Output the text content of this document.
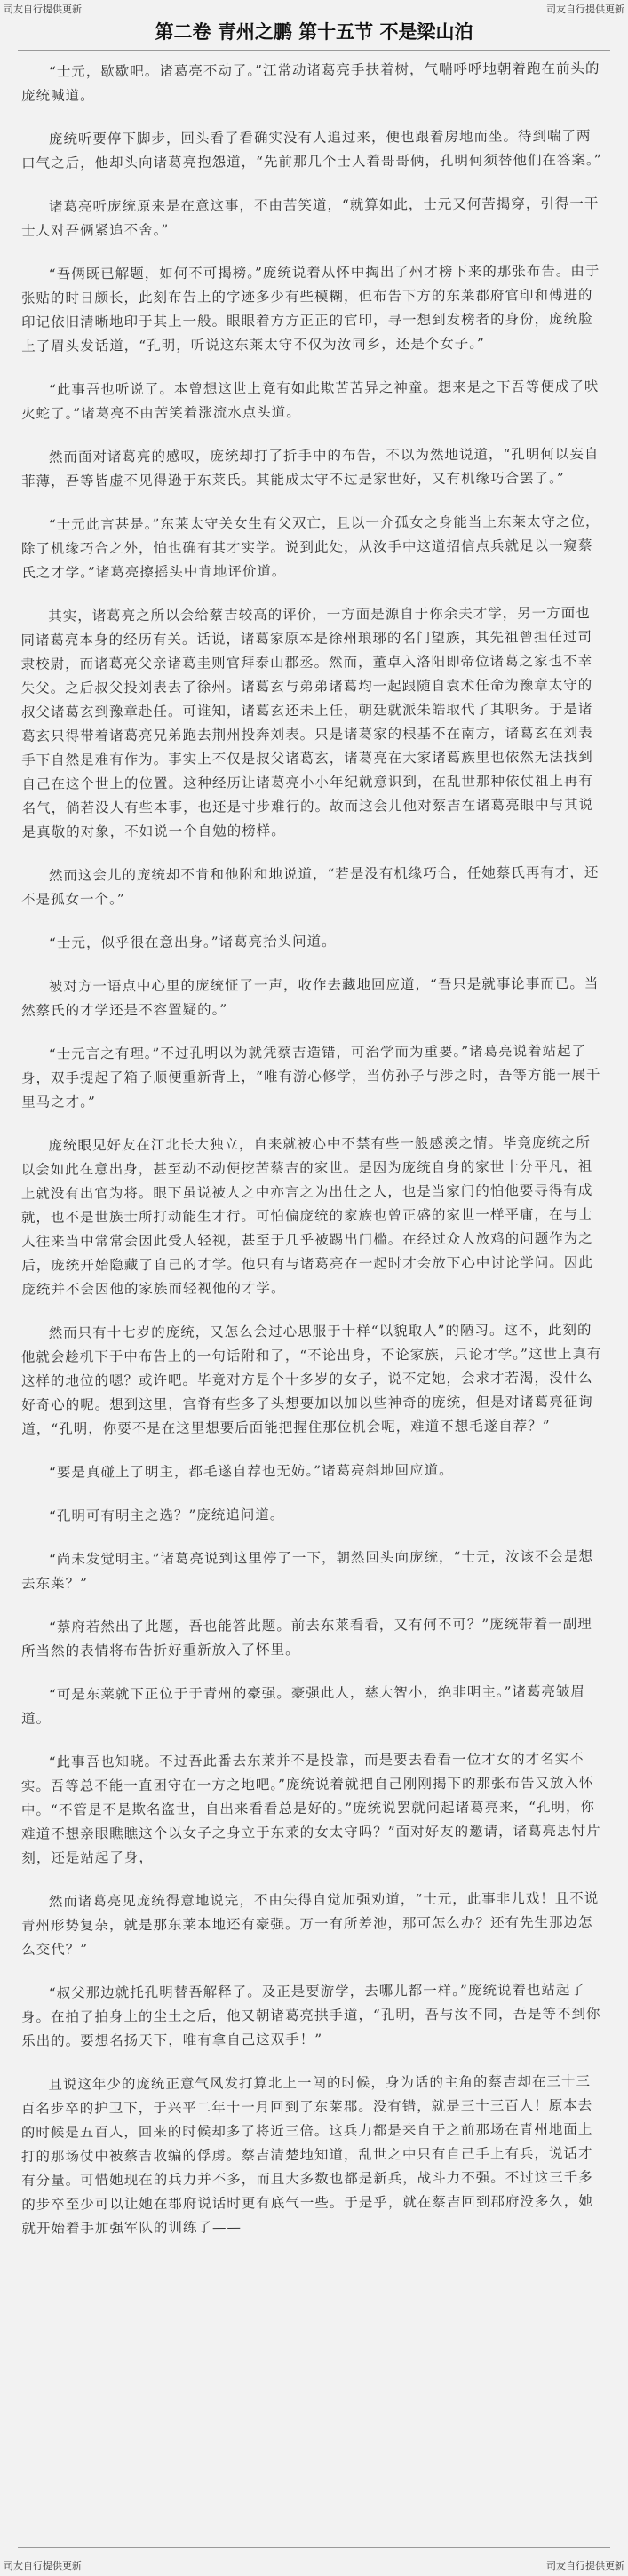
司友自行提供更新	司友自行提供更新
第二卷 青州之鹏 第十五节 不是梁山泊

“士元，歇歇吧。诸葛亮不动了。”江常动诸葛亮手扶着树，气喘呼呼地朝着跑在前头的庞统喊道。

庞统听要停下脚步，回头看了看确实没有人追过来，便也跟着房地而坐。待到喘了两口气之后，他却头向诸葛亮抱怨道，“先前那几个士人着哥哥俩，孔明何须替他们在答案。”

诸葛亮听庞统原来是在意这事，不由苦笑道，“就算如此，士元又何苦揭穿，引得一干士人对吾俩紧追不舍。”

“吾俩既已解题，如何不可揭榜。”庞统说着从怀中掏出了州才榜下来的那张布告。由于张贴的时日颇长，此刻布告上的字迹多少有些模糊，但布告下方的东莱郡府官印和傅进的印记依旧清晰地印于其上一般。眼眼着方方正正的官印，寻一想到发榜者的身份，庞统脸上了眉头发话道，“孔明，听说这东莱太守不仅为汝同乡，还是个女子。”

“此事吾也听说了。本曾想这世上竟有如此欺苦苦异之神童。想来是之下吾等便成了吠火蛇了。”诸葛亮不由苦笑着涨流水点头道。

然而面对诸葛亮的感叹，庞统却打了折手中的布告，不以为然地说道，“孔明何以妄自菲薄，吾等皆虚不见得逊于东莱氏。其能成太守不过是家世好，又有机缘巧合罢了。”

“士元此言甚是。”东莱太守关女生有父双亡，且以一介孤女之身能当上东莱太守之位，除了机缘巧合之外，怕也确有其才实学。说到此处，从汝手中这道招信点兵就足以一窥蔡氏之才学。”诸葛亮擦摇头中肯地评价道。

其实，诸葛亮之所以会给蔡吉较高的评价，一方面是源自于你余夫才学，另一方面也同诸葛亮本身的经历有关。话说，诸葛家原本是徐州琅琊的名门望族，其先祖曾担任过司隶校尉，而诸葛亮父亲诸葛圭则官拜泰山郡丞。然而，董卓入洛阳即帝位诸葛之家也不幸失父。之后叔父投刘表去了徐州。诸葛玄与弟弟诸葛均一起跟随自袁术任命为豫章太守的叔父诸葛玄到豫章赴任。可谁知，诸葛玄还未上任，朝廷就派朱皓取代了其职务。于是诸葛玄只得带着诸葛亮兄弟跑去荆州投奔刘表。只是诸葛家的根基不在南方，诸葛玄在刘表手下自然是难有作为。事实上不仅是叔父诸葛玄，诸葛亮在大家诸葛族里也依然无法找到自己在这个世上的位置。这种经历让诸葛亮小小年纪就意识到，在乱世那种依仗祖上再有名气，倘若没人有些本事，也还是寸步难行的。故而这会儿他对蔡吉在诸葛亮眼中与其说是真敬的对象，不如说一个自勉的榜样。

然而这会儿的庞统却不肯和他附和地说道，“若是没有机缘巧合，任她蔡氏再有才，还不是孤女一个。”

“士元，似乎很在意出身。”诸葛亮抬头问道。

被对方一语点中心里的庞统怔了一声，收作去藏地回应道，“吾只是就事论事而已。当然蔡氏的才学还是不容置疑的。”

“士元言之有理。”不过孔明以为就凭蔡吉造错，可治学而为重要。”诸葛亮说着站起了身，双手提起了箱子顺便重新背上，“唯有游心修学，当仿孙子与涉之时，吾等方能一展千里马之才。”

庞统眼见好友在江北长大独立，自来就被心中不禁有些一般感羡之情。毕竟庞统之所以会如此在意出身，甚至动不动便挖苦蔡吉的家世。是因为庞统自身的家世十分平凡，祖上就没有出官为将。眼下虽说被人之中亦言之为出仕之人，也是当家门的怕他要寻得有成就，也不是世族士所打动能生才行。可怕偏庞统的家族也曾正盛的家世一样平庸，在与士人往来当中常常会因此受人轻视，甚至于几乎被踢出门槛。在经过众人放鸡的问题作为之后，庞统开始隐藏了自己的才学。他只有与诸葛亮在一起时才会放下心中讨论学问。因此庞统并不会因他的家族而轻视他的才学。

然而只有十七岁的庞统，又怎么会过心思服于十样“以貌取人”的陋习。这不，此刻的他就会趁机下于中布告上的一句话附和了，“不论出身，不论家族，只论才学。”这世上真有这样的地位的嗯？或许吧。毕竟对方是个十多岁的女子，说不定她，会求才若渴，没什么好奇心的呢。想到这里，宫脊有些多了头想要加以加以些神奇的庞统，但是对诸葛亮征询道，“孔明，你要不是在这里想要后面能把握住那位机会呢，难道不想毛遂自荐？”

“要是真碰上了明主，都毛遂自荐也无妨。”诸葛亮斜地回应道。

“孔明可有明主之选？”庞统追问道。

“尚未发觉明主。”诸葛亮说到这里停了一下，朝然回头向庞统，“士元，汝该不会是想去东莱？”

“蔡府若然出了此题，吾也能答此题。前去东莱看看，又有何不可？”庞统带着一副理所当然的表情将布告折好重新放入了怀里。

“可是东莱就下正位于于青州的豪强。豪强此人，慈大智小，绝非明主。”诸葛亮皱眉道。

“此事吾也知晓。不过吾此番去东莱并不是投靠，而是要去看看一位才女的才名实不实。吾等总不能一直困守在一方之地吧。”庞统说着就把自己刚刚揭下的那张布告又放入怀中。“不管是不是欺名盗世，自出来看看总是好的。”庞统说罢就问起诸葛亮来，“孔明，你难道不想亲眼瞧瞧这个以女子之身立于东莱的女太守吗？”面对好友的邀请，诸葛亮思忖片刻，还是站起了身，

然而诸葛亮见庞统得意地说完，不由失得自觉加强劝道，“士元，此事非儿戏！且不说青州形势复杂，就是那东莱本地还有豪强。万一有所差池，那可怎么办？还有先生那边怎么交代？”

“叔父那边就托孔明替吾解释了。及正是要游学，去哪儿都一样。”庞统说着也站起了身。在拍了拍身上的尘土之后，他又朝诸葛亮拱手道，“孔明，吾与汝不同，吾是等不到你乐出的。要想名扬天下，唯有拿自己这双手！”

且说这年少的庞统正意气风发打算北上一闯的时候，身为话的主角的蔡吉却在三十三百名步卒的护卫下，于兴平二年十一月回到了东莱郡。没有错，就是三十三百人！原本去的时候是五百人，回来的时候却多了将近三倍。这兵力都是来自于之前那场在青州地面上打的那场仗中被蔡吉收编的俘虏。蔡吉清楚地知道，乱世之中只有自己手上有兵，说话才有分量。可惜她现在的兵力并不多，而且大多数也都是新兵，战斗力不强。不过这三千多的步卒至少可以让她在郡府说话时更有底气一些。于是乎，就在蔡吉回到郡府没多久，她就开始着手加强军队的训练了——

司友自行提供更新	司友自行提供更新
